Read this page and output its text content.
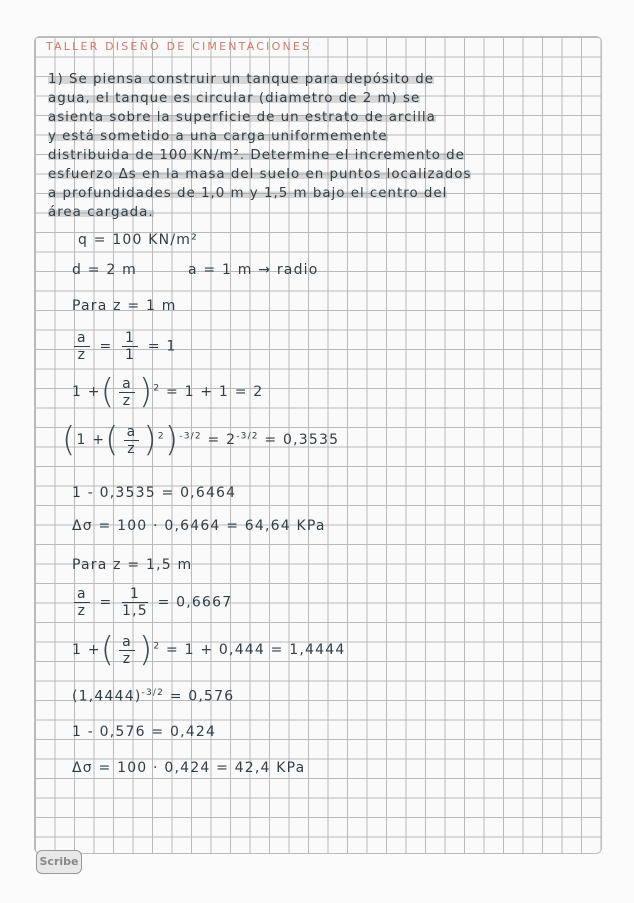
TALLER DISEÑO DE CIMENTACIONES
1) Se piensa construir un tanque para depósito de
agua, el tanque es circular (diametro de 2 m) se
asienta sobre la superficie de un estrato de arcilla
y está sometido a una carga uniformemente
distribuida de 100 KN/m². Determine el incremento de
esfuerzo Δs en la masa del suelo en puntos localizados
a profundidades de 1,0 m y 1,5 m bajo el centro del
área cargada.
q = 100 KN/m²
d = 2 m	a = 1 m → radio
Para z = 1 m
$\frac{a}{z} = \frac{1}{1} = 1$
1 +( $\frac{a}{z} )^2 = 1 + 1 = 2$
(1 +( $\frac{a}{z} )^2)^{-3/2} = 2^{-3/2} = 0,3535$
1 - 0,3535 = 0,6464
Δσ = 100 · 0,6464 = 64,64 KPa
Para z = 1,5 m
$\frac{a}{z} = \frac{1}{1,5} = 0,6667$
1 +( $\frac{a}{z} )^2 = 1 + 0,444 = 1,4444$
$(1,4444)^{-3/2} = 0,576$
1 - 0,576 = 0,424
Δσ = 100 · 0,424 = 42,4 KPa
Scribe
